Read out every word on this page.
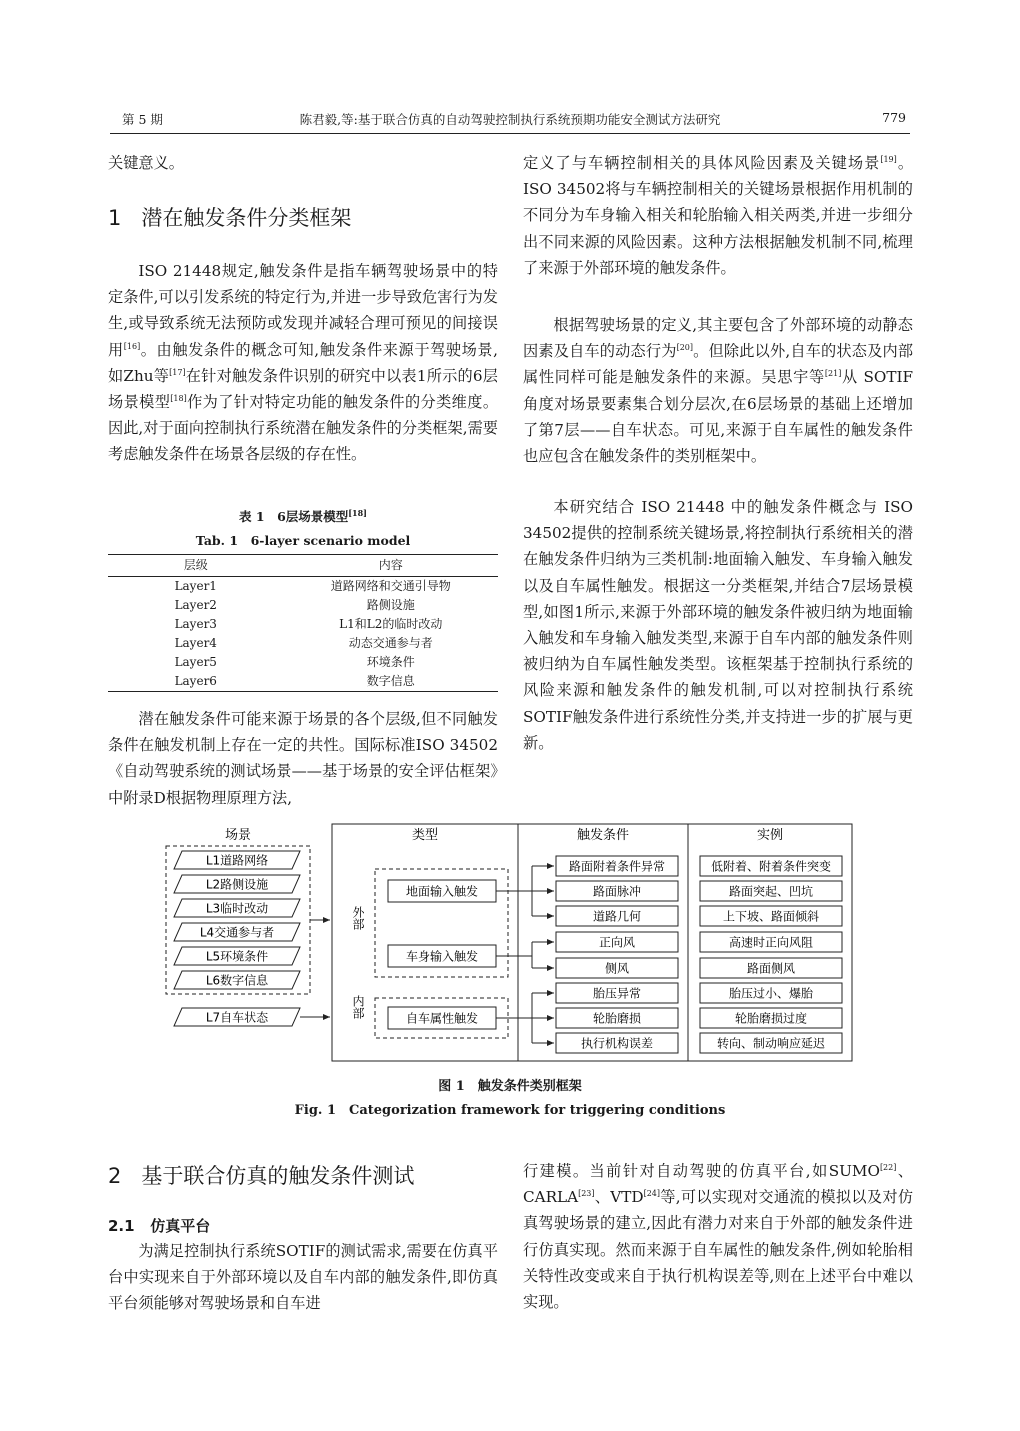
第 5 期	陈君毅,等:基于联合仿真的自动驾驶控制执行系统预期功能安全测试方法研究	779

关键意义。

1 潜在触发条件分类框架

ISO 21448规定,触发条件是指车辆驾驶场景中的特定条件,可以引发系统的特定行为,并进一步导致危害行为发生,或导致系统无法预防或发现并减轻合理可预见的间接误用[16]。由触发条件的概念可知,触发条件来源于驾驶场景,如Zhu等[17]在针对触发条件识别的研究中以表1所示的6层场景模型[18]作为了针对特定功能的触发条件的分类维度。因此,对于面向控制执行系统潜在触发条件的分类框架,需要考虑触发条件在场景各层级的存在性。

表 1　6层场景模型[18]
Tab. 1　6-layer scenario model
层级	内容
Layer1	道路网络和交通引导物
Layer2	路侧设施
Layer3	L1和L2的临时改动
Layer4	动态交通参与者
Layer5	环境条件
Layer6	数字信息

潜在触发条件可能来源于场景的各个层级,但不同触发条件在触发机制上存在一定的共性。国际标准ISO 34502《自动驾驶系统的测试场景——基于场景的安全评估框架》中附录D根据物理原理方法,

定义了与车辆控制相关的具体风险因素及关键场景[19]。ISO 34502将与车辆控制相关的关键场景根据作用机制的不同分为车身输入相关和轮胎输入相关两类,并进一步细分出不同来源的风险因素。这种方法根据触发机制不同,梳理了来源于外部环境的触发条件。

根据驾驶场景的定义,其主要包含了外部环境的动静态因素及自车的动态行为[20]。但除此以外,自车的状态及内部属性同样可能是触发条件的来源。吴思宇等[21]从 SOTIF 角度对场景要素集合划分层次,在6层场景的基础上还增加了第7层——自车状态。可见,来源于自车属性的触发条件也应包含在触发条件的类别框架中。

本研究结合 ISO 21448 中的触发条件概念与 ISO 34502提供的控制系统关键场景,将控制执行系统相关的潜在触发条件归纳为三类机制:地面输入触发、车身输入触发以及自车属性触发。根据这一分类框架,并结合7层场景模型,如图1所示,来源于外部环境的触发条件被归纳为地面输入触发和车身输入触发类型,来源于自车内部的触发条件则被归纳为自车属性触发类型。该框架基于控制执行系统的风险来源和触发条件的触发机制,可以对控制执行系统SOTIF触发条件进行系统性分类,并支持进一步的扩展与更新。

场景
L1道路网络
L2路侧设施
L3临时改动
L4交通参与者
L5环境条件
L6数字信息
L7自车状态
类型	触发条件	实例
外部
内部
地面输入触发
车身输入触发
自车属性触发
路面附着条件异常
路面脉冲
道路几何
正向风
侧风
胎压异常
轮胎磨损
执行机构误差
低附着、附着条件突变
路面突起、凹坑
上下坡、路面倾斜
高速时正向风阻
路面侧风
胎压过小、爆胎
轮胎磨损过度
转向、制动响应延迟
图 1　触发条件类别框架
Fig. 1　Categorization framework for triggering conditions
2 基于联合仿真的触发条件测试
2.1 仿真平台

为满足控制执行系统SOTIF的测试需求,需要在仿真平台中实现来自于外部环境以及自车内部的触发条件,即仿真平台须能够对驾驶场景和自车进

行建模。当前针对自动驾驶的仿真平台,如SUMO[22]、CARLA[23]、VTD[24]等,可以实现对交通流的模拟以及对仿真驾驶场景的建立,因此有潜力对来自于外部的触发条件进行仿真实现。然而来源于自车属性的触发条件,例如轮胎相关特性改变或来自于执行机构误差等,则在上述平台中难以实现。
